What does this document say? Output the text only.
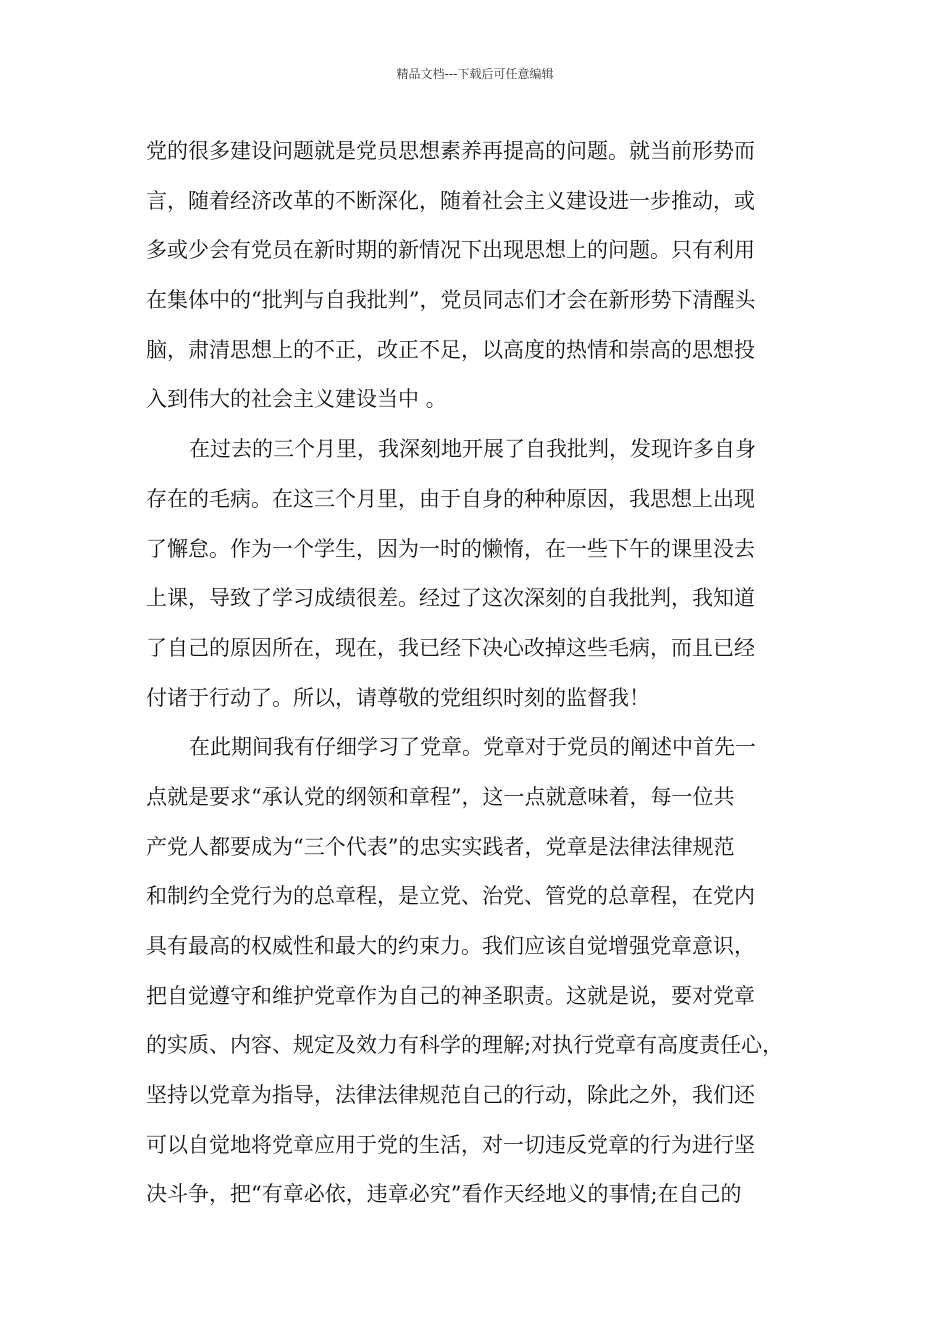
精品文档---下载后可任意编辑
党的很多建设问题就是党员思想素养再提高的问题。就当前形势而
言，随着经济改革的不断深化，随着社会主义建设进一步推动，或
多或少会有党员在新时期的新情况下出现思想上的问题。只有利用
在集体中的“批判与自我批判”，党员同志们才会在新形势下清醒头
脑，肃清思想上的不正，改正不足，以高度的热情和崇高的思想投
入到伟大的社会主义建设当中 。
在过去的三个月里，我深刻地开展了自我批判，发现许多自身
存在的毛病。在这三个月里，由于自身的种种原因，我思想上出现
了懈怠。作为一个学生，因为一时的懒惰，在一些下午的课里没去
上课，导致了学习成绩很差。经过了这次深刻的自我批判，我知道
了自己的原因所在，现在，我已经下决心改掉这些毛病，而且已经
付诸于行动了。所以，请尊敬的党组织时刻的监督我！
在此期间我有仔细学习了党章。党章对于党员的阐述中首先一
点就是要求“承认党的纲领和章程”，这一点就意味着，每一位共
产党人都要成为“三个代表”的忠实实践者，党章是法律法律规范
和制约全党行为的总章程，是立党、治党、管党的总章程，在党内
具有最高的权威性和最大的约束力。我们应该自觉增强党章意识，
把自觉遵守和维护党章作为自己的神圣职责。这就是说，要对党章
的实质、内容、规定及效力有科学的理解;对执行党章有高度责任心，
坚持以党章为指导，法律法律规范自己的行动，除此之外，我们还
可以自觉地将党章应用于党的生活，对一切违反党章的行为进行坚
决斗争，把“有章必依，违章必究”看作天经地义的事情;在自己的
